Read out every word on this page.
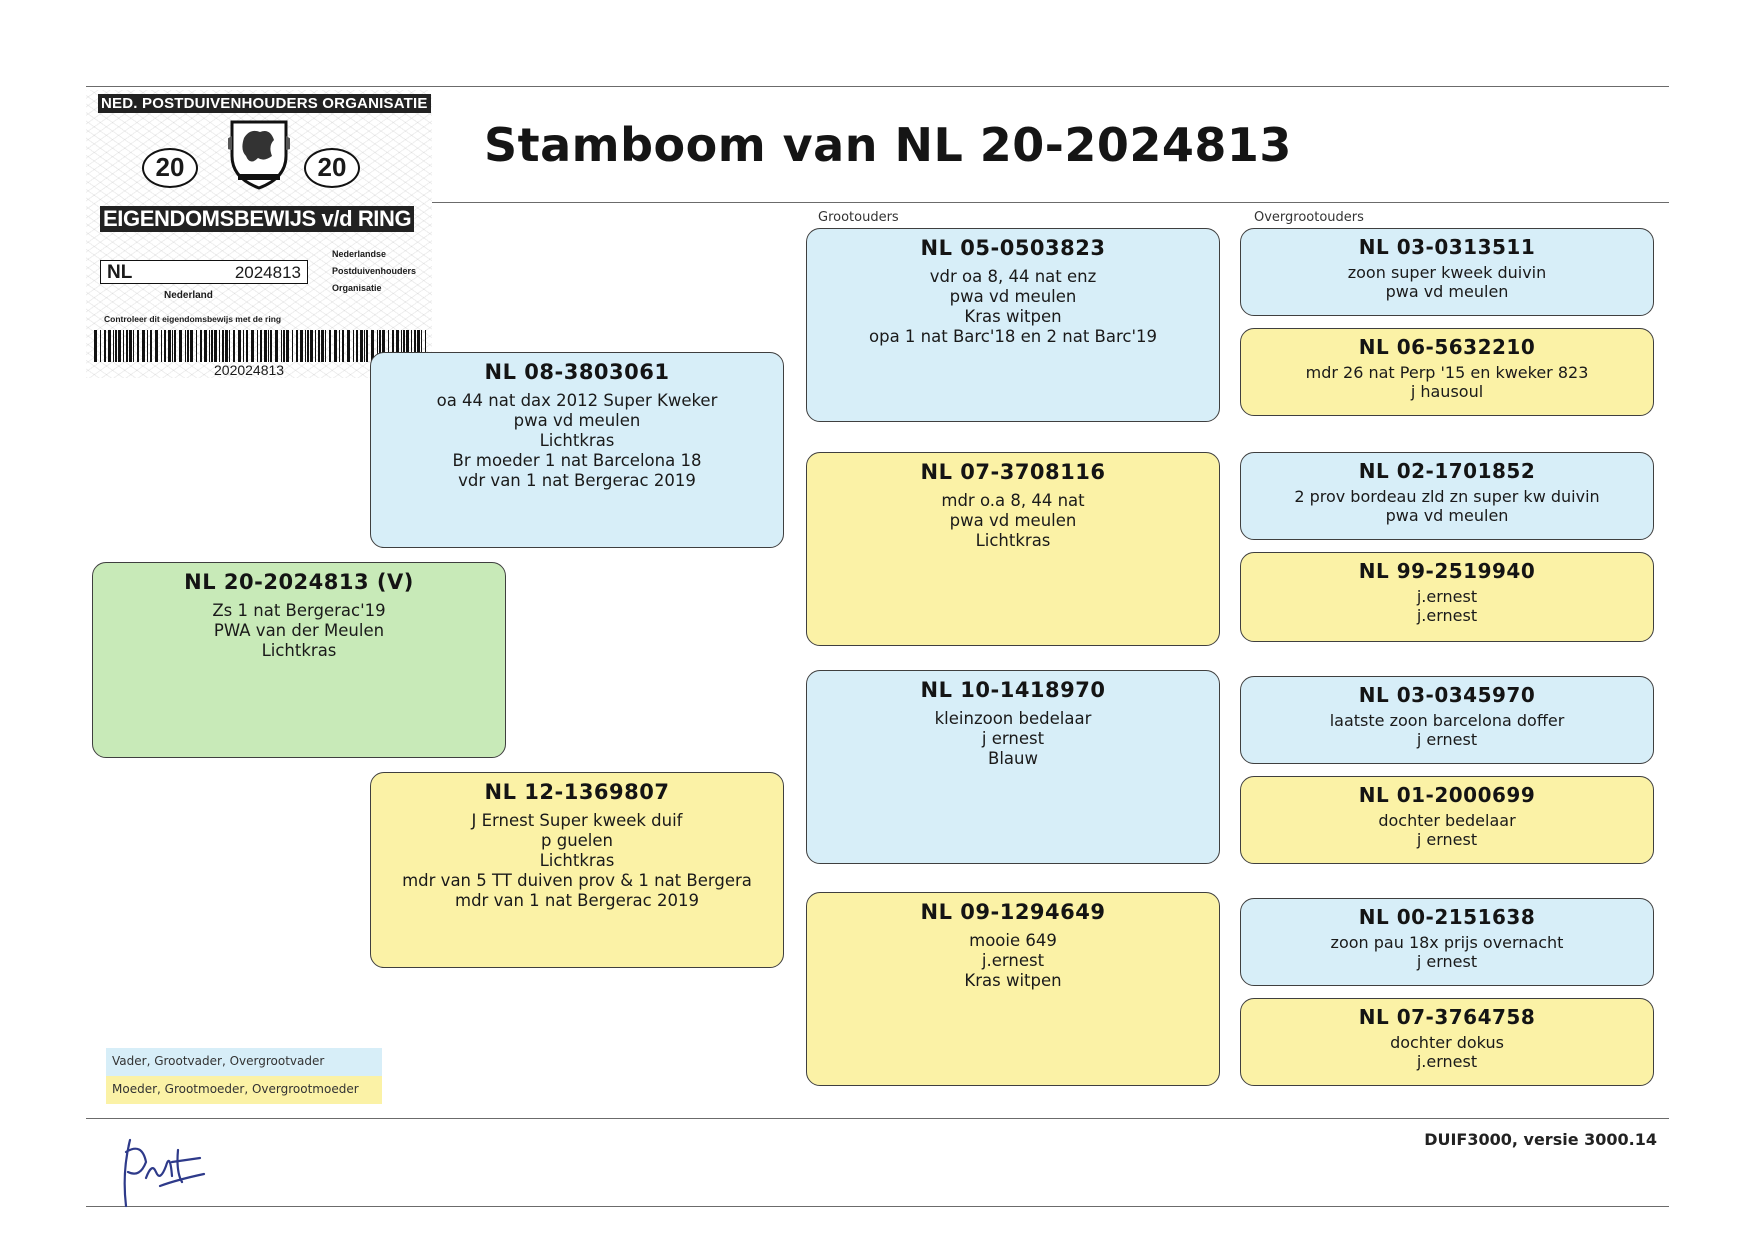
Stamboom van NL 20-2024813
Grootouders	Overgrootouders
NED. POSTDUIVENHOUDERS ORGANISATIE
20	20
EIGENDOMSBEWIJS v/d RING
NL	2024813
Nederland
Nederlandse
Postduivenhouders
Organisatie
Controleer dit eigendomsbewijs met de ring
202024813
NL 20-2024813 (V)
Zs 1 nat Bergerac'19
PWA van der Meulen
Lichtkras
NL 08-3803061
oa 44 nat dax 2012 Super Kweker
pwa vd meulen
Lichtkras
Br moeder 1 nat Barcelona 18
vdr van 1 nat Bergerac 2019
NL 12-1369807
J Ernest Super kweek duif
p guelen
Lichtkras
mdr van 5 TT duiven prov & 1 nat Bergera
mdr van 1 nat Bergerac 2019
NL 05-0503823
vdr oa 8, 44 nat enz
pwa vd meulen
Kras witpen
opa 1 nat Barc'18 en 2 nat Barc'19
NL 07-3708116
mdr o.a 8, 44 nat
pwa vd meulen
Lichtkras
NL 10-1418970
kleinzoon bedelaar
j ernest
Blauw
NL 09-1294649
mooie 649
j.ernest
Kras witpen
NL 03-0313511
zoon super kweek duivin
pwa vd meulen
NL 06-5632210
mdr 26 nat Perp '15 en kweker 823
j hausoul
NL 02-1701852
2 prov bordeau zld zn super kw duivin
pwa vd meulen
NL 99-2519940
j.ernest
j.ernest
NL 03-0345970
laatste zoon barcelona doffer
j ernest
NL 01-2000699
dochter bedelaar
j ernest
NL 00-2151638
zoon pau 18x prijs overnacht
j ernest
NL 07-3764758
dochter dokus
j.ernest
Vader, Grootvader, Overgrootvader
Moeder, Grootmoeder, Overgrootmoeder
DUIF3000, versie 3000.14
